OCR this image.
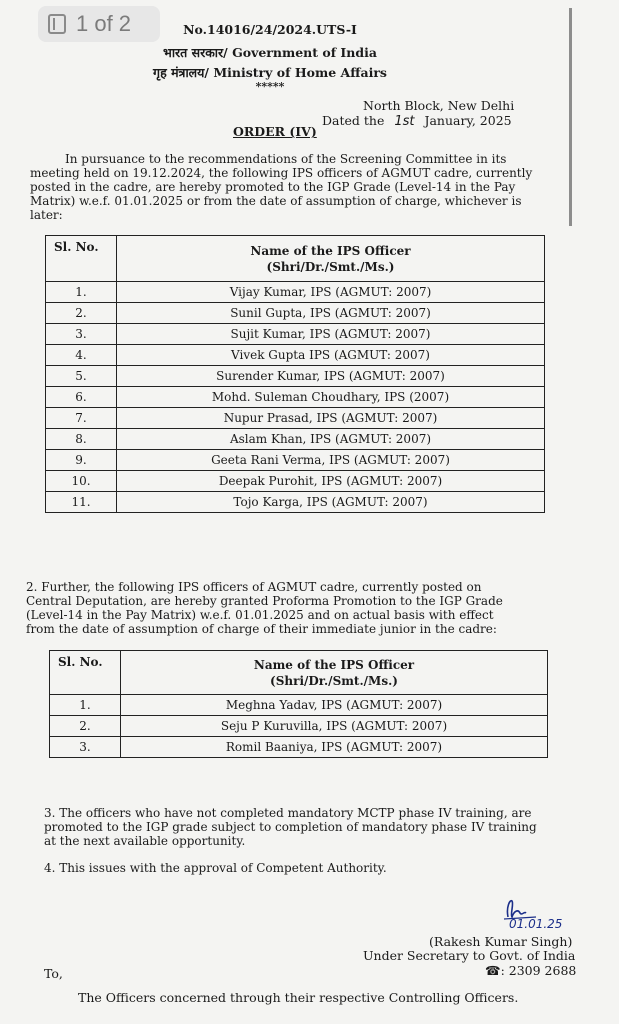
1 of 2	No.14016/24/2024.UTS-I
भारत सरकार/ Government of India
गृह मंत्रालय/ Ministry of Home Affairs
*****
North Block, New Delhi
Dated the 1st January, 2025
ORDER (IV)
In pursuance to the recommendations of the Screening Committee in its
meeting held on 19.12.2024, the following IPS officers of AGMUT cadre, currently
posted in the cadre, are hereby promoted to the IGP Grade (Level-14 in the Pay
Matrix) w.e.f. 01.01.2025 or from the date of assumption of charge, whichever is
later:
Sl. No.	Name of the IPS Officer
(Shri/Dr./Smt./Ms.)

1.	Vijay Kumar, IPS (AGMUT: 2007)
2.	Sunil Gupta, IPS (AGMUT: 2007)
3.	Sujit Kumar, IPS (AGMUT: 2007)
4.	Vivek Gupta IPS (AGMUT: 2007)
5.	Surender Kumar, IPS (AGMUT: 2007)
6.	Mohd. Suleman Choudhary, IPS (2007)
7.	Nupur Prasad, IPS (AGMUT: 2007)
8.	Aslam Khan, IPS (AGMUT: 2007)
9.	Geeta Rani Verma, IPS (AGMUT: 2007)
10.	Deepak Purohit, IPS (AGMUT: 2007)
11.	Tojo Karga, IPS (AGMUT: 2007)
2. Further, the following IPS officers of AGMUT cadre, currently posted on
Central Deputation, are hereby granted Proforma Promotion to the IGP Grade
(Level-14 in the Pay Matrix) w.e.f. 01.01.2025 and on actual basis with effect
from the date of assumption of charge of their immediate junior in the cadre:
Sl. No.	Name of the IPS Officer
(Shri/Dr./Smt./Ms.)

1.	Meghna Yadav, IPS (AGMUT: 2007)
2.	Seju P Kuruvilla, IPS (AGMUT: 2007)
3.	Romil Baaniya, IPS (AGMUT: 2007)
3. The officers who have not completed mandatory MCTP phase IV training, are
promoted to the IGP grade subject to completion of mandatory phase IV training
at the next available opportunity.
4. This issues with the approval of Competent Authority.
01.01.25
(Rakesh Kumar Singh)
Under Secretary to Govt. of India
☎: 2309 2688
To,
The Officers concerned through their respective Controlling Officers.
